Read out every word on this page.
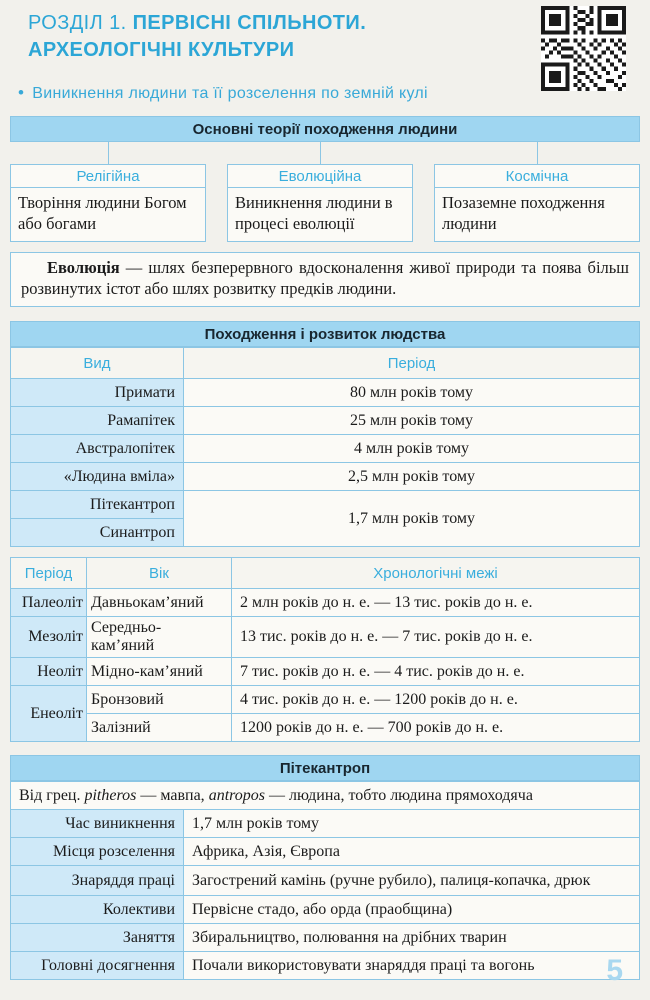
РОЗДІЛ 1. ПЕРВІСНІ СПІЛЬНОТИ.
АРХЕОЛОГІЧНІ КУЛЬТУРИ
• Виникнення людини та її розселення по земній кулі
Основні теорії походження людини
Релігійна
Творіння людини Богом або богами
Еволюційна
Виникнення людини в процесі еволюції
Космічна
Позаземне походження людини
Еволюція — шлях безперервного вдосконалення живої природи та поява більш розвинутих істот або шлях розвитку предків людини.
Походження і розвиток людства
Вид	Період
Примати	80 млн років тому
Рамапітек	25 млн років тому
Австралопітек	4 млн років тому
«Людина вміла»	2,5 млн років тому
Пітекантроп	1,7 млн років тому
Синантроп	
Період	Вік	Хронологічні межі
Палеоліт	Давньокам’яний	2 млн років до н. е. — 13 тис. років до н. е.
Мезоліт	Середньо-кам’яний	13 тис. років до н. е. — 7 тис. років до н. е.
Неоліт	Мідно-кам’яний	7 тис. років до н. е. — 4 тис. років до н. е.
Енеоліт	Бронзовий	4 тис. років до н. е. — 1200 років до н. е.
	Залізний	1200 років до н. е. — 700 років до н. е.
Пітекантроп
Від грец. pitheros — мавпа, antropos — людина, тобто людина прямоходяча	
Час виникнення	1,7 млн років тому
Місця розселення	Африка, Азія, Європа
Знаряддя праці	Загострений камінь (ручне рубило), палиця-копачка, дрюк
Колективи	Первісне стадо, або орда (праобщина)
Заняття	Збиральництво, полювання на дрібних тварин
Головні досягнення	Почали використовувати знаряддя праці та вогонь 5
